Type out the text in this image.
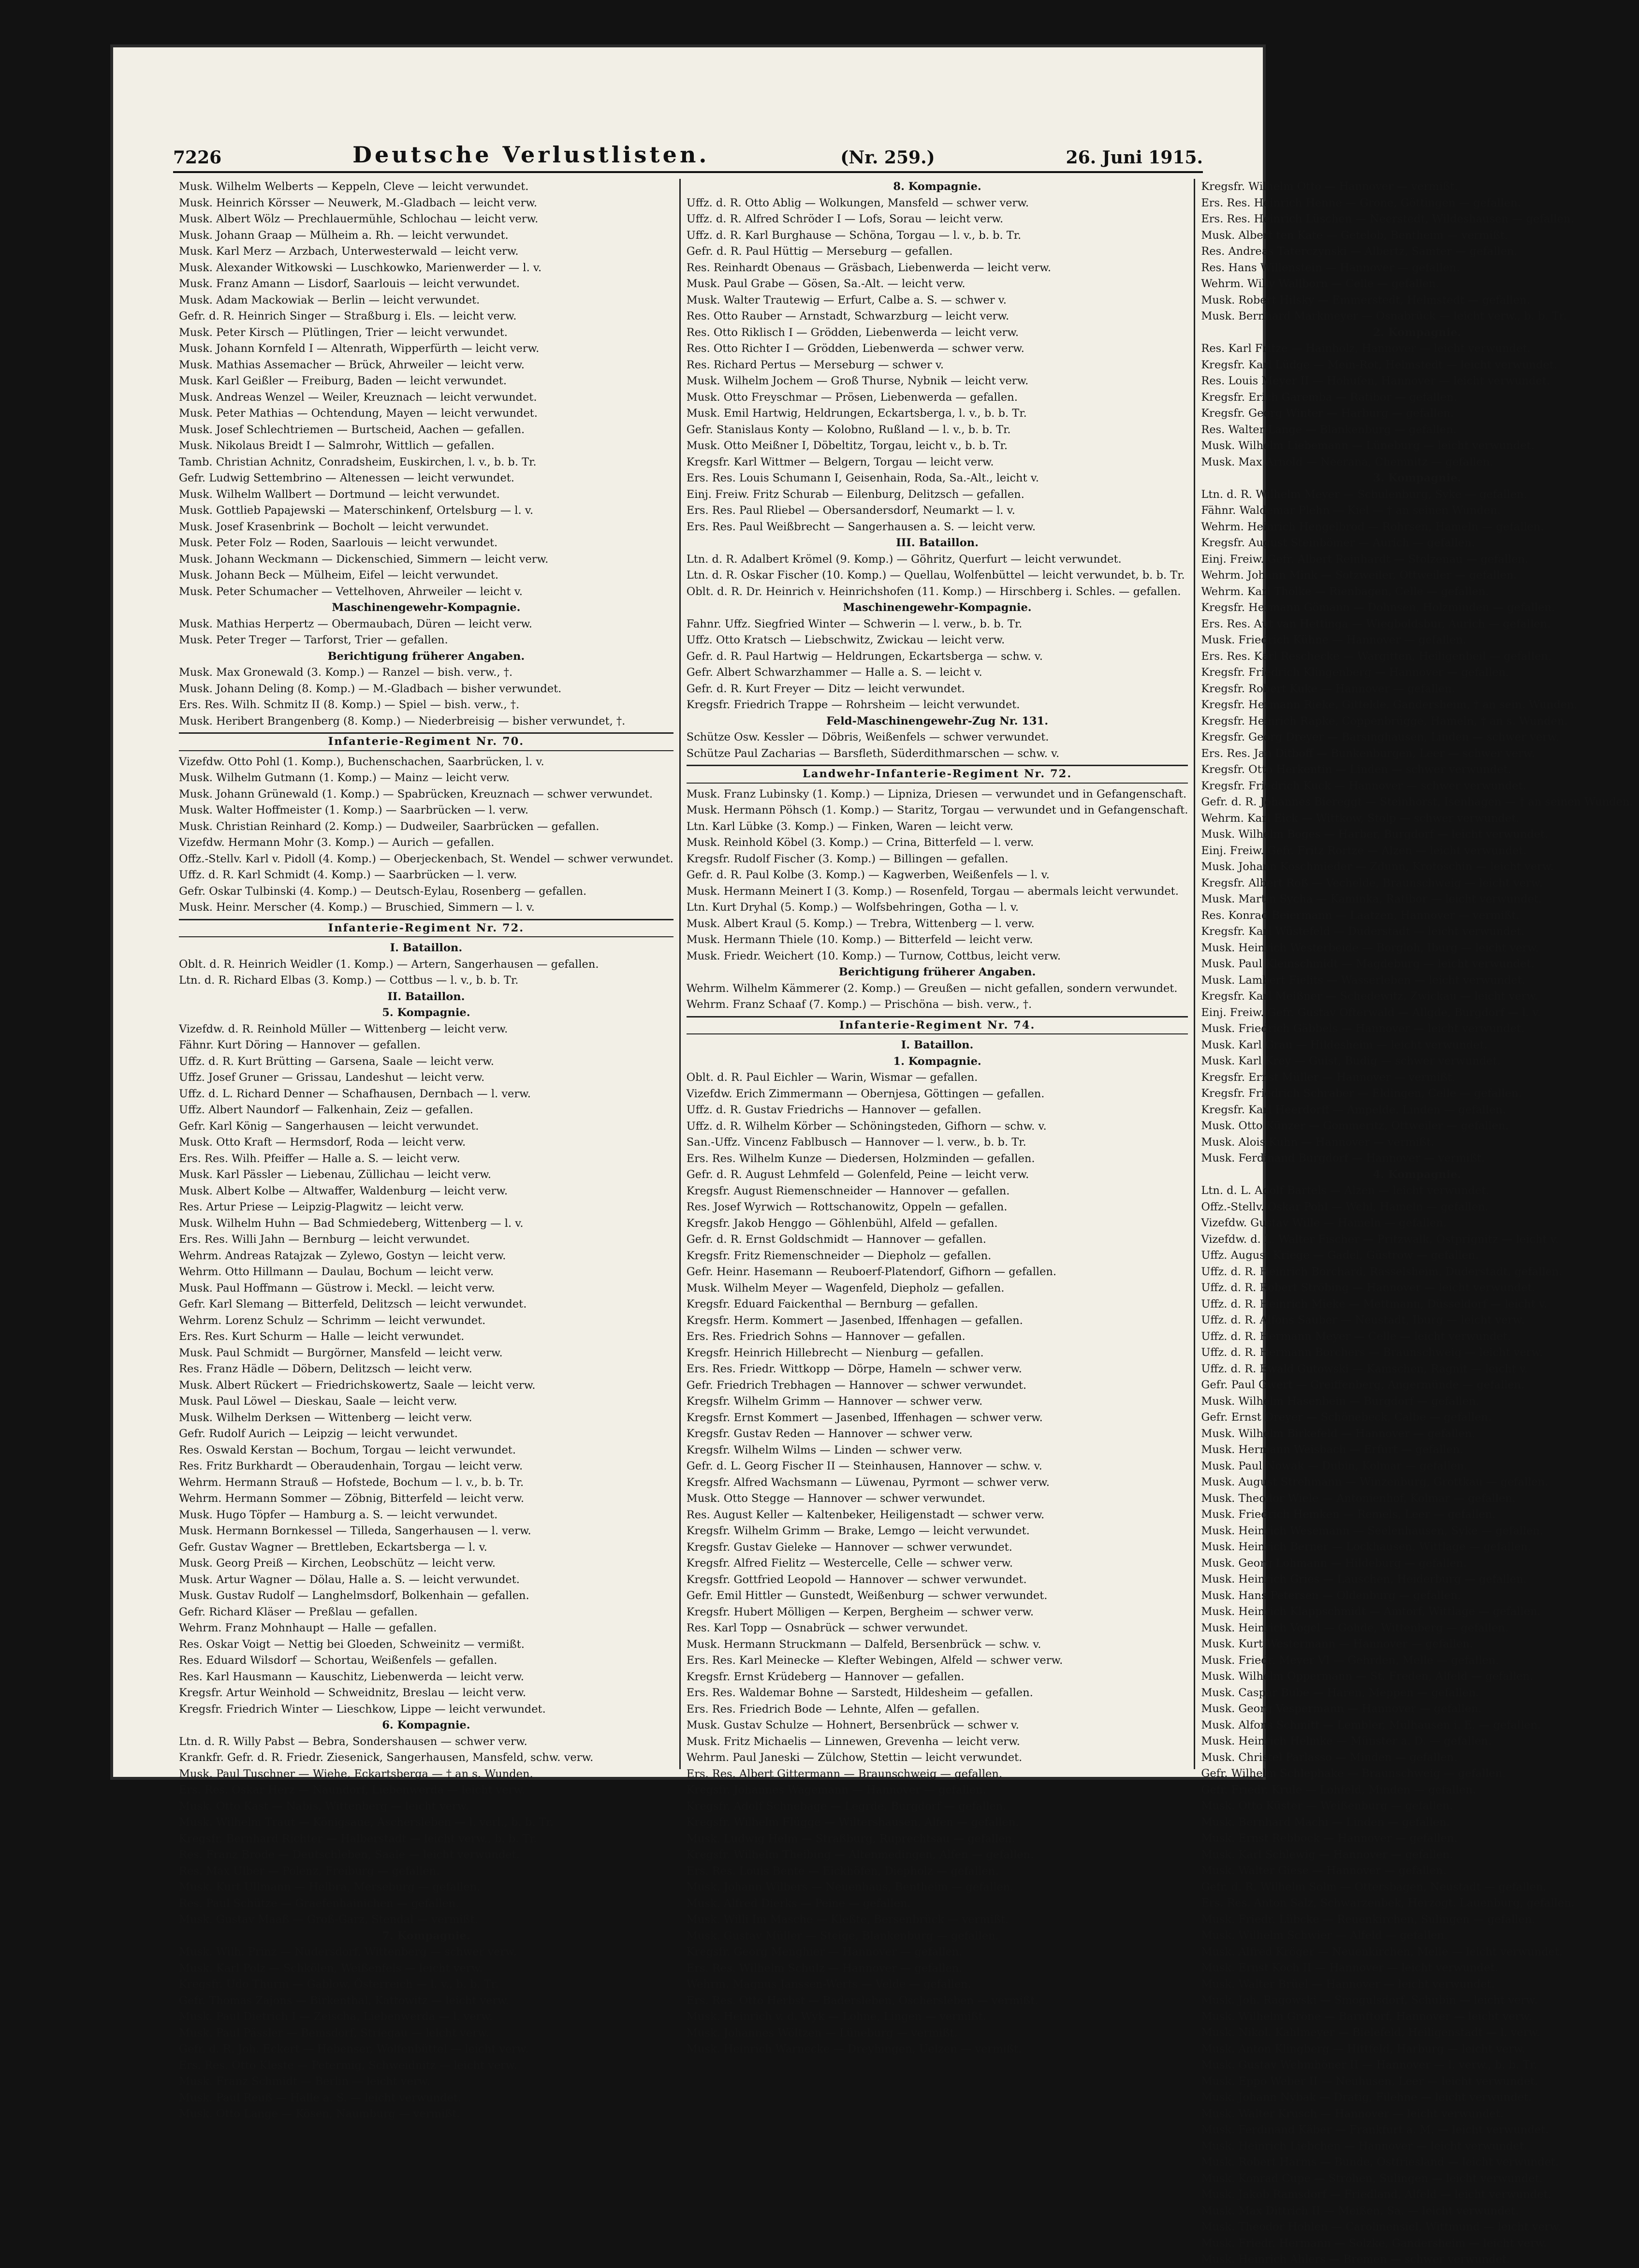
7226	Deutsche Verlustlisten.	(Nr. 259.)	26. Juni 1915.
Musk. Wilhelm Welberts — Keppeln, Cleve — leicht verwundet.
Musk. Heinrich Körsser — Neuwerk, M.-Gladbach — leicht verw.
Musk. Albert Wölz — Prechlauermühle, Schlochau — leicht verw.
Musk. Johann Graap — Mülheim a. Rh. — leicht verwundet.
Musk. Karl Merz — Arzbach, Unterwesterwald — leicht verw.
Musk. Alexander Witkowski — Luschkowko, Marienwerder — l. v.
Musk. Franz Amann — Lisdorf, Saarlouis — leicht verwundet.
Musk. Adam Mackowiak — Berlin — leicht verwundet.
Gefr. d. R. Heinrich Singer — Straßburg i. Els. — leicht verw.
Musk. Peter Kirsch — Plütlingen, Trier — leicht verwundet.
Musk. Johann Kornfeld I — Altenrath, Wipperfürth — leicht verw.
Musk. Mathias Assemacher — Brück, Ahrweiler — leicht verw.
Musk. Karl Geißler — Freiburg, Baden — leicht verwundet.
Musk. Andreas Wenzel — Weiler, Kreuznach — leicht verwundet.
Musk. Peter Mathias — Ochtendung, Mayen — leicht verwundet.
Musk. Josef Schlechtriemen — Burtscheid, Aachen — gefallen.
Musk. Nikolaus Breidt I — Salmrohr, Wittlich — gefallen.
Tamb. Christian Achnitz, Conradsheim, Euskirchen, l. v., b. b. Tr.
Gefr. Ludwig Settembrino — Altenessen — leicht verwundet.
Musk. Wilhelm Wallbert — Dortmund — leicht verwundet.
Musk. Gottlieb Papajewski — Materschinkenf, Ortelsburg — l. v.
Musk. Josef Krasenbrink — Bocholt — leicht verwundet.
Musk. Peter Folz — Roden, Saarlouis — leicht verwundet.
Musk. Johann Weckmann — Dickenschied, Simmern — leicht verw.
Musk. Johann Beck — Mülheim, Eifel — leicht verwundet.
Musk. Peter Schumacher — Vettelhoven, Ahrweiler — leicht v.
Maschinengewehr-Kompagnie.
Musk. Mathias Herpertz — Obermaubach, Düren — leicht verw.
Musk. Peter Treger — Tarforst, Trier — gefallen.
Berichtigung früherer Angaben.
Musk. Max Gronewald (3. Komp.) — Ranzel — bish. verw., †.
Musk. Johann Deling (8. Komp.) — M.-Gladbach — bisher verwundet.
Ers. Res. Wilh. Schmitz II (8. Komp.) — Spiel — bish. verw., †.
Musk. Heribert Brangenberg (8. Komp.) — Niederbreisig — bisher verwundet, †.
Infanterie-Regiment Nr. 70.
Vizefdw. Otto Pohl (1. Komp.), Buchenschachen, Saarbrücken, l. v.
Musk. Wilhelm Gutmann (1. Komp.) — Mainz — leicht verw.
Musk. Johann Grünewald (1. Komp.) — Spabrücken, Kreuznach — schwer verwundet.
Musk. Walter Hoffmeister (1. Komp.) — Saarbrücken — l. verw.
Musk. Christian Reinhard (2. Komp.) — Dudweiler, Saarbrücken — gefallen.
Vizefdw. Hermann Mohr (3. Komp.) — Aurich — gefallen.
Offz.-Stellv. Karl v. Pidoll (4. Komp.) — Oberjeckenbach, St. Wendel — schwer verwundet.
Uffz. d. R. Karl Schmidt (4. Komp.) — Saarbrücken — l. verw.
Gefr. Oskar Tulbinski (4. Komp.) — Deutsch-Eylau, Rosenberg — gefallen.
Musk. Heinr. Merscher (4. Komp.) — Bruschied, Simmern — l. v.
Infanterie-Regiment Nr. 72.
I. Bataillon.
Oblt. d. R. Heinrich Weidler (1. Komp.) — Artern, Sangerhausen — gefallen.
Ltn. d. R. Richard Elbas (3. Komp.) — Cottbus — l. v., b. b. Tr.
II. Bataillon.
5. Kompagnie.
Vizefdw. d. R. Reinhold Müller — Wittenberg — leicht verw.
Fähnr. Kurt Döring — Hannover — gefallen.
Uffz. d. R. Kurt Brütting — Garsena, Saale — leicht verw.
Uffz. Josef Gruner — Grissau, Landeshut — leicht verw.
Uffz. d. L. Richard Denner — Schafhausen, Dernbach — l. verw.
Uffz. Albert Naundorf — Falkenhain, Zeiz — gefallen.
Gefr. Karl König — Sangerhausen — leicht verwundet.
Musk. Otto Kraft — Hermsdorf, Roda — leicht verw.
Ers. Res. Wilh. Pfeiffer — Halle a. S. — leicht verw.
Musk. Karl Pässler — Liebenau, Züllichau — leicht verw.
Musk. Albert Kolbe — Altwaffer, Waldenburg — leicht verw.
Res. Artur Priese — Leipzig-Plagwitz — leicht verw.
Musk. Wilhelm Huhn — Bad Schmiedeberg, Wittenberg — l. v.
Ers. Res. Willi Jahn — Bernburg — leicht verwundet.
Wehrm. Andreas Ratajzak — Zylewo, Gostyn — leicht verw.
Wehrm. Otto Hillmann — Daulau, Bochum — leicht verw.
Musk. Paul Hoffmann — Güstrow i. Meckl. — leicht verw.
Gefr. Karl Slemang — Bitterfeld, Delitzsch — leicht verwundet.
Wehrm. Lorenz Schulz — Schrimm — leicht verwundet.
Ers. Res. Kurt Schurm — Halle — leicht verwundet.
Musk. Paul Schmidt — Burgörner, Mansfeld — leicht verw.
Res. Franz Hädle — Döbern, Delitzsch — leicht verw.
Musk. Albert Rückert — Friedrichskowertz, Saale — leicht verw.
Musk. Paul Löwel — Dieskau, Saale — leicht verw.
Musk. Wilhelm Derksen — Wittenberg — leicht verw.
Gefr. Rudolf Aurich — Leipzig — leicht verwundet.
Res. Oswald Kerstan — Bochum, Torgau — leicht verwundet.
Res. Fritz Burkhardt — Oberaudenhain, Torgau — leicht verw.
Wehrm. Hermann Strauß — Hofstede, Bochum — l. v., b. b. Tr.
Wehrm. Hermann Sommer — Zöbnig, Bitterfeld — leicht verw.
Musk. Hugo Töpfer — Hamburg a. S. — leicht verwundet.
Musk. Hermann Bornkessel — Tilleda, Sangerhausen — l. verw.
Gefr. Gustav Wagner — Brettleben, Eckartsberga — l. v.
Musk. Georg Preiß — Kirchen, Leobschütz — leicht verw.
Musk. Artur Wagner — Dölau, Halle a. S. — leicht verwundet.
Musk. Gustav Rudolf — Langhelmsdorf, Bolkenhain — gefallen.
Gefr. Richard Kläser — Preßlau — gefallen.
Wehrm. Franz Mohnhaupt — Halle — gefallen.
Res. Oskar Voigt — Nettig bei Gloeden, Schweinitz — vermißt.
Res. Eduard Wilsdorf — Schortau, Weißenfels — gefallen.
Res. Karl Hausmann — Kauschitz, Liebenwerda — leicht verw.
Kregsfr. Artur Weinhold — Schweidnitz, Breslau — leicht verw.
Kregsfr. Friedrich Winter — Lieschkow, Lippe — leicht verwundet.
6. Kompagnie.
Ltn. d. R. Willy Pabst — Bebra, Sondershausen — schwer verw.
Krankfr. Gefr. d. R. Friedr. Ziesenick, Sangerhausen, Mansfeld, schw. verw.
Musk. Paul Tuschner — Wiehe, Eckartsberga — † an s. Wunden.
Ers. Res. Oskar Herz — Naundorf, Liebenwerda — leicht verw.
Musk. Otto Kast — Nabis, Wittenberg — leicht verw.
Musk. Wilhelm Traut — Königsaue, Aschersleben — l. verl., b. b. Tr.
Kregsfr. Bernhard Richter — Halberstadt — leicht verw., b. b. Tr.
Res. Franz Brode — Deutschleben, Saale — leicht verwundet.
Res. Max Ulber — Polenz, Freiburg — gefallen.
Musk. Kurt Ullmann — Helbra, Merseburg — gefallen.
Res. Paul Schütze — Graefenhainichen — gefallen.
Musk. Gustav Maaß — Groß-Garz, Stendal — vermißt.
7. Kompagnie.
Musk. Wilh. Prinz — Nudersdorf, Wittenberg — schwer verw.
Musk. Karl Polz — Schkölen, Weißenfels — leicht verw.
Kregsfr. Udo Thurm — Gablow, Österreich — l. v., b. b. Tr.
Gefr. Thomas Zajons — Birkenthal, Kattowitz — leicht verw.
Musk. Paul Dietrich I — Zeischa, Liebenwerda — l. verw.
Musk. Paul Pässler — Bemsdorf, Striegau — leicht verw.
Gefr. d. R. Joh. Eckert — Hebenser, Wolfenbüttel — leicht verw.
Ers. Res. Otto Kleste — Petermig, Schweidnitz — leicht verw.
Musk. Franz Schmidt — Berlin — leicht verw.
Musk. Paul Reuß — Halle a. S. — leicht verwundet.
Musk. Otto Lange — Kösen, Naumburg — vermißt.
8. Kompagnie.
Uffz. d. R. Otto Ablig — Wolkungen, Mansfeld — schwer verw.
Uffz. d. R. Alfred Schröder I — Lofs, Sorau — leicht verw.
Uffz. d. R. Karl Burghause — Schöna, Torgau — l. v., b. b. Tr.
Gefr. d. R. Paul Hüttig — Merseburg — gefallen.
Res. Reinhardt Obenaus — Gräsbach, Liebenwerda — leicht verw.
Musk. Paul Grabe — Gösen, Sa.-Alt. — leicht verw.
Musk. Walter Trautewig — Erfurt, Calbe a. S. — schwer v.
Res. Otto Rauber — Arnstadt, Schwarzburg — leicht verw.
Res. Otto Riklisch I — Grödden, Liebenwerda — leicht verw.
Res. Otto Richter I — Grödden, Liebenwerda — schwer verw.
Res. Richard Pertus — Merseburg — schwer v.
Musk. Wilhelm Jochem — Groß Thurse, Nybnik — leicht verw.
Musk. Otto Freyschmar — Prösen, Liebenwerda — gefallen.
Musk. Emil Hartwig, Heldrungen, Eckartsberga, l. v., b. b. Tr.
Gefr. Stanislaus Konty — Kolobno, Rußland — l. v., b. b. Tr.
Musk. Otto Meißner I, Döbeltitz, Torgau, leicht v., b. b. Tr.
Kregsfr. Karl Wittmer — Belgern, Torgau — leicht verw.
Ers. Res. Louis Schumann I, Geisenhain, Roda, Sa.-Alt., leicht v.
Einj. Freiw. Fritz Schurab — Eilenburg, Delitzsch — gefallen.
Ers. Res. Paul Rliebel — Obersandersdorf, Neumarkt — l. v.
Ers. Res. Paul Weißbrecht — Sangerhausen a. S. — leicht verw.
III. Bataillon.
Ltn. d. R. Adalbert Krömel (9. Komp.) — Göhritz, Querfurt — leicht verwundet.
Ltn. d. R. Oskar Fischer (10. Komp.) — Quellau, Wolfenbüttel — leicht verwundet, b. b. Tr.
Oblt. d. R. Dr. Heinrich v. Heinrichshofen (11. Komp.) — Hirschberg i. Schles. — gefallen.
Maschinengewehr-Kompagnie.
Fahnr. Uffz. Siegfried Winter — Schwerin — l. verw., b. b. Tr.
Uffz. Otto Kratsch — Liebschwitz, Zwickau — leicht verw.
Gefr. d. R. Paul Hartwig — Heldrungen, Eckartsberga — schw. v.
Gefr. Albert Schwarzhammer — Halle a. S. — leicht v.
Gefr. d. R. Kurt Freyer — Ditz — leicht verwundet.
Kregsfr. Friedrich Trappe — Rohrsheim — leicht verwundet.
Feld-Maschinengewehr-Zug Nr. 131.
Schütze Osw. Kessler — Döbris, Weißenfels — schwer verwundet.
Schütze Paul Zacharias — Barsfleth, Süderdithmarschen — schw. v.
Landwehr-Infanterie-Regiment Nr. 72.
Musk. Franz Lubinsky (1. Komp.) — Lipniza, Driesen — verwundet und in Gefangenschaft.
Musk. Hermann Pöhsch (1. Komp.) — Staritz, Torgau — verwundet und in Gefangenschaft.
Ltn. Karl Lübke (3. Komp.) — Finken, Waren — leicht verw.
Musk. Reinhold Köbel (3. Komp.) — Crina, Bitterfeld — l. verw.
Kregsfr. Rudolf Fischer (3. Komp.) — Billingen — gefallen.
Gefr. d. R. Paul Kolbe (3. Komp.) — Kagwerben, Weißenfels — l. v.
Musk. Hermann Meinert I (3. Komp.) — Rosenfeld, Torgau — abermals leicht verwundet.
Ltn. Kurt Dryhal (5. Komp.) — Wolfsbehringen, Gotha — l. v.
Musk. Albert Kraul (5. Komp.) — Trebra, Wittenberg — l. verw.
Musk. Hermann Thiele (10. Komp.) — Bitterfeld — leicht verw.
Musk. Friedr. Weichert (10. Komp.) — Turnow, Cottbus, leicht verw.
Berichtigung früherer Angaben.
Wehrm. Wilhelm Kämmerer (2. Komp.) — Greußen — nicht gefallen, sondern verwundet.
Wehrm. Franz Schaaf (7. Komp.) — Prischöna — bish. verw., †.
Infanterie-Regiment Nr. 74.
I. Bataillon.
1. Kompagnie.
Oblt. d. R. Paul Eichler — Warin, Wismar — gefallen.
Vizefdw. Erich Zimmermann — Obernjesa, Göttingen — gefallen.
Uffz. d. R. Gustav Friedrichs — Hannover — gefallen.
Uffz. d. R. Wilhelm Körber — Schöningsteden, Gifhorn — schw. v.
San.-Uffz. Vincenz Fablbusch — Hannover — l. verw., b. b. Tr.
Ers. Res. Wilhelm Kunze — Diedersen, Holzminden — gefallen.
Gefr. d. R. August Lehmfeld — Golenfeld, Peine — leicht verw.
Kregsfr. August Riemenschneider — Hannover — gefallen.
Res. Josef Wyrwich — Rottschanowitz, Oppeln — gefallen.
Kregsfr. Jakob Henggo — Göhlenbühl, Alfeld — gefallen.
Gefr. d. R. Ernst Goldschmidt — Hannover — gefallen.
Kregsfr. Fritz Riemenschneider — Diepholz — gefallen.
Gefr. Heinr. Hasemann — Reuboerf-Platendorf, Gifhorn — gefallen.
Musk. Wilhelm Meyer — Wagenfeld, Diepholz — gefallen.
Kregsfr. Eduard Faickenthal — Bernburg — gefallen.
Kregsfr. Herm. Kommert — Jasenbed, Iffenhagen — gefallen.
Ers. Res. Friedrich Sohns — Hannover — gefallen.
Kregsfr. Heinrich Hillebrecht — Nienburg — gefallen.
Ers. Res. Friedr. Wittkopp — Dörpe, Hameln — schwer verw.
Gefr. Friedrich Trebhagen — Hannover — schwer verwundet.
Kregsfr. Wilhelm Grimm — Hannover — schwer verw.
Kregsfr. Ernst Kommert — Jasenbed, Iffenhagen — schwer verw.
Kregsfr. Gustav Reden — Hannover — schwer verw.
Kregsfr. Wilhelm Wilms — Linden — schwer verw.
Gefr. d. L. Georg Fischer II — Steinhausen, Hannover — schw. v.
Kregsfr. Alfred Wachsmann — Lüwenau, Pyrmont — schwer verw.
Musk. Otto Stegge — Hannover — schwer verwundet.
Res. August Keller — Kaltenbeker, Heiligenstadt — schwer verw.
Kregsfr. Wilhelm Grimm — Brake, Lemgo — leicht verwundet.
Kregsfr. Gustav Gieleke — Hannover — schwer verwundet.
Kregsfr. Alfred Fielitz — Westercelle, Celle — schwer verw.
Kregsfr. Gottfried Leopold — Hannover — schwer verwundet.
Gefr. Emil Hittler — Gunstedt, Weißenburg — schwer verwundet.
Kregsfr. Hubert Mölligen — Kerpen, Bergheim — schwer verw.
Res. Karl Topp — Osnabrück — schwer verwundet.
Musk. Hermann Struckmann — Dalfeld, Bersenbrück — schw. v.
Ers. Res. Karl Meinecke — Klefter Webingen, Alfeld — schwer verw.
Kregsfr. Ernst Krüdeberg — Hannover — gefallen.
Ers. Res. Waldemar Bohne — Sarstedt, Hildesheim — gefallen.
Ers. Res. Friedrich Bode — Lehnte, Alfen — gefallen.
Musk. Gustav Schulze — Hohnert, Bersenbrück — schwer v.
Musk. Fritz Michaelis — Linnewen, Grevenha — leicht verw.
Wehrm. Paul Janeski — Zülchow, Stettin — leicht verwundet.
Ers. Res. Albert Gittermann — Braunschweig — gefallen.
Kregsfr. Johannes Wagemann — Hannover — gefallen.
Kregsfr. Adolf Schnebage — Legrde, Burgdorf — gefallen.
Kregsfr. Wilhelm Flügge — Wiltershausen, Alfen — gefallen.
Musk. Ludwig Helm — Straßburg, Ruprechtsau — gefallen.
Kregsfr. Wilhelm Theibing — Altenmedingen, Alfen — gefallen.
Ers. Res. Louis Bente — Eickhöfen, Diepholz — gefallen.
Musk. Johann Wilbers — Neuenhaus, Bentheim — gefallen.
Musk. Alfred Dierks — Peine — gefallen.
Musk. Willi Im Masche — Kleßte, Bersenbrück — vermißt.
Musk. Gustav Müller — Steige, Blankenburg — gefallen.
Kregsfr. Georg Menghier — Hannover — gefallen.
Ers. Res. Wilhelm Schulz — Hannover — gefallen.
Wehrm. Magnus Janssen-Werts — Velde — gefallen.
Ers. Res. Otto Herbst — Badersleben, Oschersleben — vermißt.
Musk. Heinrich v. d. Wyk — Lohne, Lingen — vermißt.
Musk. Johannes Wöltzen — Lüneburg — vermißt.
Musk. Heinrich Warnecke — Dreyhingen, Uelzen — vermißt.
Kregsfr. Wilhelm Otto — Hannover — vermißt.
Ers. Res. Heinrich Henne — Grone, Göttingen — gefallen.
Ers. Res. Heinrich Lüschen — Neerstedt, Wildeshausen — gefallen.
Musk. Albert ten Kate — Getelob, Bentheim — vermißt.
Res. Andreas Taterczynski — Albertz, Samter — gefallen.
Res. Hans Willenstein — Hannover — gefallen.
Wehrm. Willy Wallborn — Celle — gefallen.
Musk. Robert Hilsky — Emmerstedt, Helmstedt — gefallen.
Musk. Bernhard Markmeyer — Osnabrück — leicht verw., b. b. Tr.
2. Kompagnie.
Res. Karl Fritze — Hainholz, Hannover — leicht verwundet.
Kregsfr. Karl Lüdge — Mein-Rot, Helmstedt — leicht verwundet.
Res. Louis Meyer II — Hohufen, Hannover — leicht verwundet.
Kregsfr. Erich Garemba — Ratibor — gefallen.
Kregsfr. Georg Winter — Harburg — gefallen.
Res. Walter Lange — Blankenburg — gefallen.
Musk. Wilhelm Liebemann — Lüneburg — leicht verwundet.
Musk. Max Arnold — Neerana, Chemnitz — gefallen.
3. Kompagnie.
Ltn. d. R. Wilhelm Meyer — Schulenburg, Syke — gefallen.
Fähnr. Waldemar Plehn — Kiel — † an seinen Wunden.
Wehrm. Heinrich Hengelbrod — Rohrsen, Hameln — gefallen.
Kregsfr. August Steinbömer — Aurich — gefallen.
Einj. Freiw. Gefr. Albert Reinhardt — Stolzenau — gefallen.
Wehrm. Johann Mink — Sotzweiler, Ottweiler — gefallen.
Wehrm. Karl Thölke — Rienbagen, Celle — gefallen.
Kregsfr. Hermann Gömann — Dohnsen, Holzminden — gefallen.
Ers. Res. Aut van Hettinga — Wiegboldsbur, Aurich — gefallen.
Musk. Friedrich Kühne — Hannover — gefallen.
Ers. Res. Karl Reschecke — Wargitten, Heiligenbeil — gefallen.
Kregsfr. Friedrich Klingenberg — Hannover — gefallen.
Kregsfr. Robert Kuke — Hannover — gefallen.
Kregsfr. Hermann Rieke, Gittelde, Gandersheim, † an sein. Wunden.
Kregsfr. Heinrich Rapke, Coppenbrügge, Hameln, † an s. Wunden.
Kregsfr. Georg Dreyer — Barsinghausen, Linden — schwer verw.
Ers. Res. Jan Ditboff — Bunkenburgen, Leer — schwer verw.
Kregsfr. Otto Herkentin — Linden — schwer verwundet.
Kregsfr. Friedrich Kuck — Hannover — schwer verwundet.
Gefr. d. R. Johannes Biereggt — Steinhorst, Isenhagen — † an seinen Wunden.
Wehrm. Karl Eick — Wittkow, Stolp — schwer verwundet.
Musk. Wilhelm Boges — Harber, Burgdorf — leicht verwundet.
Einj. Freiw. Gefr. Fritz Rortze — Alzen — leicht verwundet.
Musk. Johann Koschmieder — Zdunn, Krotoschin — leicht verw.
Kregsfr. Albert Roß — Vechelde, Braunschweig — leicht verw.
Musk. Martin Sycha — Kaminka, Ratibor — leicht verwundet.
Res. Konrad Beiermann — Laatzen, Hannover — vermißt.
Kregsfr. Karl Wüstefeld — Duderstadt — leicht verwundet.
Musk. Heinrich Westerbeide — Borgloh, Iburg — leicht verw.
Musk. Paul Kleinschmidt — Magdeburg — leicht verwundet.
Musk. Lambert Fielits — Wasserleben — leicht verwundet.
Kregsfr. Karl Meißner — Schedewitz, Zwickau — leicht verw.
Einj. Freiw. Gefr. Gustav Ofterwald — Allgde, Burgdorf — l. v.
Musk. Friedrich Gäbbels — Hannover — leicht verwundet.
Musk. Karl Grau — Hildesheim — leicht verwundet.
Musk. Karl Krey — Guist, Budig — schwer verwundet.
Kregsfr. Ernst Müller — Hannover — vermißt.
Kregsfr. Friedrich Schraber — Eldingen, Celle — gefallen.
Kregsfr. Karl Heerdorff — Ampelde, Linden — gefallen.
Musk. Otto Künzer — Gommeritz, Ottweiler — gefallen.
Musk. Alois Kuhn — Hannover — vermißt.
Musk. Ferdinand Burgdorf — Hannover — vermißt.
4. Kompagnie.
Ltn. d. L. Adolf Bartels — Alzen — leicht verwundet.
Offz.-Stellv. Oskar Pohl — Wehl, Hameln — gefallen.
Vizefdw. Gustav Wille — Hameln — gefallen.
Vizefdw. d. L. Walter Fischer — Pritzwalk, Ostprignitz — leicht v.
Uffz. August Kriege — Gadel, Güstrow — gefallen.
Uffz. d. R. Heinrich Borchard, Rasselsheim, Duderstadt, gefallen.
Uffz. d. R. Robert Ströbing — Hannover — leicht verwundet.
Uffz. d. R. Heinrich Mieke — Mettmann, Düsseldorf — leicht v.
Uffz. d. R. Alfons Sauber — Neustadt, Iburg — leicht verw.
Uffz. d. R. Hermann Meyer — Celle — leicht verwundet.
Uffz. d. R. Hermann Borchers — Braunschweig — leicht verw.
Uffz. d. R. Ewald Gutowski — Kamschen, Ragnit — leicht v.
Gefr. Paul Gwert — Greiffenberg, Angermünde — gefallen.
Musk. Wilhelm Hasenbein — Burgdorf — gefallen.
Gefr. Ernst Dreyer — Schönebeck, Calbe — gefallen.
Musk. Wilhelm Birkefeld — Hannover — gefallen.
Musk. Hermann Weisbach — Erfurt — gefallen.
Musk. Paul Nowak — Dubin, Kolmar — gefallen.
Musk. August Strehmann — Winzenburg, Grottkau — gefallen.
Musk. Theodor Wiele — Antonienhof, Kolmar — gefallen.
Musk. Friedrich Hemken — Remels, Leer — gefallen.
Musk. Heinrich Wesemann — Seelenhausen, Syke — gefallen.
Musk. Heinrich Berner — Lockhausen, Wittlage — gefallen.
Musk. Georg Lohmann — Hildeburg — gefallen.
Musk. Heinrich Gries — Lauschen, Heiderburg — gefallen.
Musk. Hans Petersen — Oldenburg — gefallen.
Musk. Heinrich Klappschmidt — Amtorf, Wittlage — gefallen.
Musk. Heinrich Vogel — Gohde, Wittenberg — gefallen.
Musk. Kurt Westermann — Hannover — gefallen.
Musk. Friedr. Meyer VI — Gehrden, Melle — gefallen.
Musk. Wilhelm Oppermann — St. Freden, Alfeld — gefallen.
Musk. Caspar Bube — Haren, Meppen — gefallen.
Musk. Georg Vespermann — Hannover — gefallen.
Musk. Alfons Schmitt — Lembler, Mülhausen i. E. — gefallen.
Musk. Heinrich Helmke — Münster a. D. — gefallen.
Musk. Christel Parlasso — Minden — gefallen.
Gefr. Wilhelm Schlephake — Braunschweig — gefallen.
Gefr. Friedr. Krule — Lohfeld, Minden — gefallen.
Musk. Otto Küster — Weißenburg — gefallen.
Musk. Bernhard Machi — Linden — gefallen.
Musk. Ernst Rebbock — Hannover — gefallen.
Musk. Karl Schlewig — Hannover — gefallen.
Musk. Walter Giese — Hannover — gefallen.
Gefr. d. R. Wilhelm Solm — Ottersbagen, Neustadt — gefallen.
Ers. Res. Anton Salz, Schwarzenbek, Herzogt. Lauenburg, gefallen.
Musk. Friedr. Lübcke — Reuenkirchen, Sulingen — gefallen.
Musk. Wilhelm Schwier — Alfeld — gefallen.
Musk. Alfred Kröger — Neuenkirchen, Melle — leicht verwundet.
Musk. Ernst Koch II — Hannover — leicht verwundet.
Musk. Walter Brüel — Hannover — leicht verwundet.
Musk. Joh. Ragowski — Smogulsdorf, Schubin — leicht verw.
Musk. Wilhelm Gröne — Barnftorf, Hannover — leicht verw.
Musk. Nikol. Kahlmeyer — Bielefeld, Heiligenstadt — l. verw.
Musk. Anton Klingberg — Hittfeld, Harburg — leicht verw.
Musk. Gustav Wehmhöner II — Hannover — l. verw., b. b. Tr.
Musk. Eppo Weber II — Neuhusen, Leer — leicht verwundet.
Musk. Johann Nybak — Dratig, Filehne — leicht verwundet.
Musk. Walter Krusch — Hannover — leicht verwundet.
Musk. Ferdinand Käber — Frankfurt a. M. — leicht verwundet.
Musk. Heinrich Liebchen — Hannover — leicht verwundet.
Musk. Robert Harms — Bunde, Ostfriesland — leicht verwundet.
Musk. Konrad Cupe — Ströhen, Sulingen — leicht verwundet.
Musk. Jakob Ramsdorf — Friedland, Alfeld — leicht verwundet.
Musk. Max Dittrich II — Meißen, Sa. — leicht verwundet.
Musk. Theodor Hohlen — Carolinensiel, Wittmund — leicht verw.
Musk. Friedr. Hermann — Solzke, Gandersheim — leicht verw.
Musk. Heinrich Ahlers — Bremen — schwer verwundet.
